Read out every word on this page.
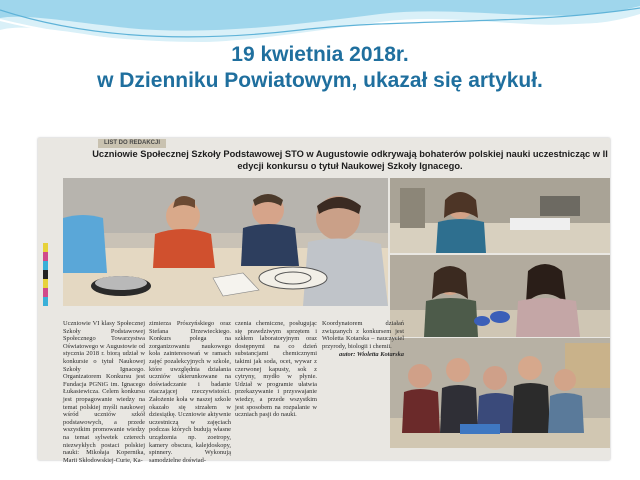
19 kwietnia 2018r.
w Dzienniku Powiatowym, ukazał się artykuł.
LIST DO REDAKCJI
Uczniowie Społecznej Szkoły Podstawowej STO w Augustowie odkrywają bohaterów polskiej nauki uczestnicząc w II edycji konkursu o tytuł Naukowej Szkoły Ignacego.
Uczniowie VI klasy Społecznej Szkoły Podstawowej Społecznego Towarzystwa Oświatowego w Augustowie od stycznia 2018 r. biorą udział w konkursie o tytuł Naukowej Szkoły Ignacego. Organizatorem Konkursu jest Fundacja PGNiG im. Ignacego Łukasiewicza. Celem konkursu jest propagowanie wiedzy na temat polskiej myśli naukowej wśród uczniów szkół podstawowych, a przede wszystkim promowanie wiedzy na temat sylwetek czterech niezwykłych postaci polskiej nauki: Mikołaja Kopernika, Marii Skłodowskiej-Curie, Ka-
zimierza Prószyńskiego oraz Stefana Drzewieckiego. Konkurs polega na zorganizowaniu naukowego koła zainteresowań w ramach zajęć pozalekcyjnych w szkole, które uwzględnia działania uczniów ukierunkowane na doświadczanie i badanie otaczającej rzeczywistości. Założenie koła w naszej szkole okazało się strzałem w dziesiątkę. Uczniowie aktywnie uczestniczą w zajęciach podczas których budują własne urządzenia np. zoetropy, kamery obscura, kalejdoskopy, spinnery. Wykonują samodzielne doświad-
czenia chemiczne, posługując się prawdziwym sprzętem i szkłem laboratoryjnym oraz dostępnymi na co dzień substancjami chemicznymi takimi jak soda, ocet, wywar z czerwonej kapusty, sok z cytryny, mydło w płynie. Udział w programie ułatwia przekazywanie i przyswajanie wiedzy, a przede wszystkim jest sposobem na rozpalanie w uczniach pasji do nauki.
Koordynatorem działań związanych z konkursem jest Wioletta Kotarska – nauczyciel przyrody, biologii i chemii.
autor: Wioletta Kotarska
